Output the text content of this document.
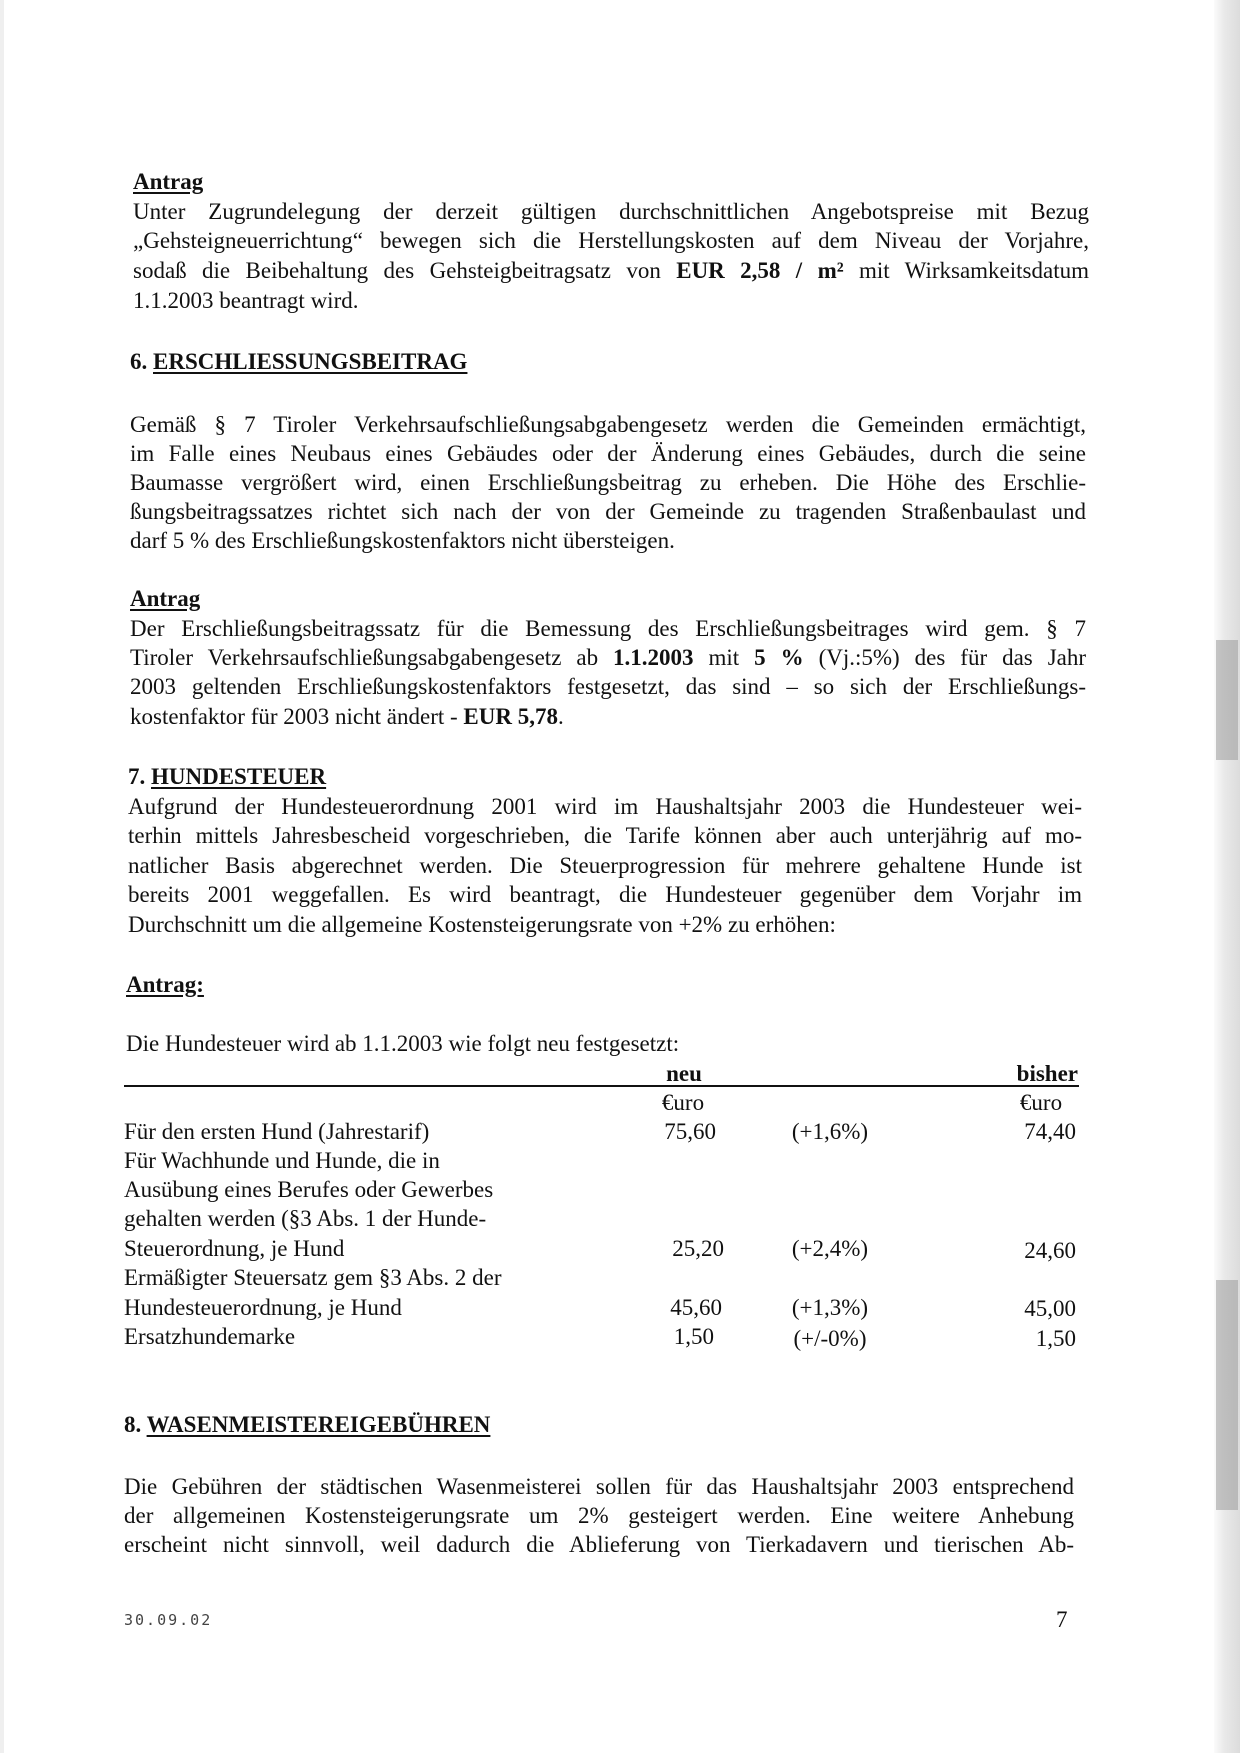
Antrag
Unter Zugrundelegung der derzeit gültigen durchschnittlichen Angebotspreise mit Bezug
„Gehsteigneuerrichtung“ bewegen sich die Herstellungskosten auf dem Niveau der Vorjahre,
sodaß die Beibehaltung des Gehsteigbeitragsatz von EUR 2,58 / m² mit Wirksamkeitsdatum
1.1.2003 beantragt wird.
6. ERSCHLIESSUNGSBEITRAG
Gemäß § 7 Tiroler Verkehrsaufschließungsabgabengesetz werden die Gemeinden ermächtigt,
im Falle eines Neubaus eines Gebäudes oder der Änderung eines Gebäudes, durch die seine
Baumasse vergrößert wird, einen Erschließungsbeitrag zu erheben. Die Höhe des Erschlie-
ßungsbeitragssatzes richtet sich nach der von der Gemeinde zu tragenden Straßenbaulast und
darf 5 % des Erschließungskostenfaktors nicht übersteigen.
Antrag
Der Erschließungsbeitragssatz für die Bemessung des Erschließungsbeitrages wird gem. § 7
Tiroler Verkehrsaufschließungsabgabengesetz ab 1.1.2003 mit 5 % (Vj.:5%) des für das Jahr
2003 geltenden Erschließungskostenfaktors festgesetzt, das sind – so sich der Erschließungs-
kostenfaktor für 2003 nicht ändert - EUR 5,78.
7. HUNDESTEUER
Aufgrund der Hundesteuerordnung 2001 wird im Haushaltsjahr 2003 die Hundesteuer wei-
terhin mittels Jahresbescheid vorgeschrieben, die Tarife können aber auch unterjährig auf mo-
natlicher Basis abgerechnet werden. Die Steuerprogression für mehrere gehaltene Hunde ist
bereits 2001 weggefallen. Es wird beantragt, die Hundesteuer gegenüber dem Vorjahr im
Durchschnitt um die allgemeine Kostensteigerungsrate von +2% zu erhöhen:
Antrag:
Die Hundesteuer wird ab 1.1.2003 wie folgt neu festgesetzt:
neu	bisher
€uro	€uro
Für den ersten Hund (Jahrestarif)	75,60	(+1,6%)	74,40
Für Wachhunde und Hunde, die in
Ausübung eines Berufes oder Gewerbes
gehalten werden (§3 Abs. 1 der Hunde-
Steuerordnung, je Hund	25,20	(+2,4%)	24,60
Ermäßigter Steuersatz gem §3 Abs. 2 der
Hundesteuerordnung, je Hund	45,60	(+1,3%)	45,00
Ersatzhundemarke	1,50	(+/-0%)	1,50
8. WASENMEISTEREIGEBÜHREN
Die Gebühren der städtischen Wasenmeisterei sollen für das Haushaltsjahr 2003 entsprechend
der allgemeinen Kostensteigerungsrate um 2% gesteigert werden. Eine weitere Anhebung
erscheint nicht sinnvoll, weil dadurch die Ablieferung von Tierkadavern und tierischen Ab-
30.09.02	7
